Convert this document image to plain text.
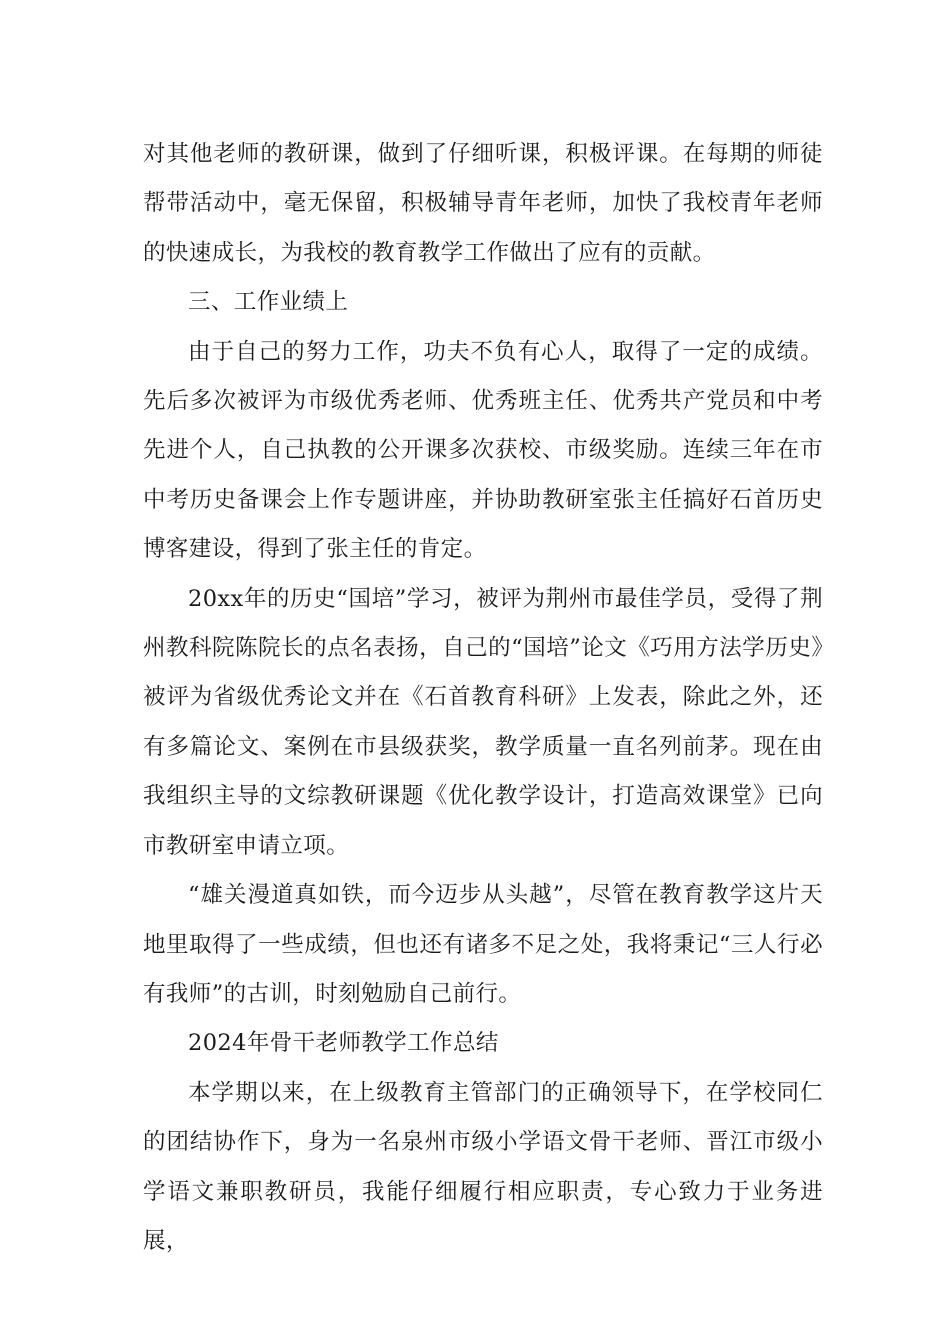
对其他老师的教研课，做到了仔细听课，积极评课。在每期的师徒帮带活动中，毫无保留，积极辅导青年老师，加快了我校青年老师的快速成长，为我校的教育教学工作做出了应有的贡献。

三、工作业绩上

由于自己的努力工作，功夫不负有心人，取得了一定的成绩。先后多次被评为市级优秀老师、优秀班主任、优秀共产党员和中考先进个人，自己执教的公开课多次获校、市级奖励。连续三年在市中考历史备课会上作专题讲座，并协助教研室张主任搞好石首历史博客建设，得到了张主任的肯定。

20xx年的历史“国培”学习，被评为荆州市最佳学员，受得了荆州教科院陈院长的点名表扬，自己的“国培”论文《巧用方法学历史》被评为省级优秀论文并在《石首教育科研》上发表，除此之外，还有多篇论文、案例在市县级获奖，教学质量一直名列前茅。现在由我组织主导的文综教研课题《优化教学设计，打造高效课堂》已向市教研室申请立项。

“雄关漫道真如铁，而今迈步从头越”，尽管在教育教学这片天地里取得了一些成绩，但也还有诸多不足之处，我将秉记“三人行必有我师”的古训，时刻勉励自己前行。

2024年骨干老师教学工作总结

本学期以来，在上级教育主管部门的正确领导下，在学校同仁的团结协作下，身为一名泉州市级小学语文骨干老师、晋江市级小学语文兼职教研员，我能仔细履行相应职责，专心致力于业务进展，
